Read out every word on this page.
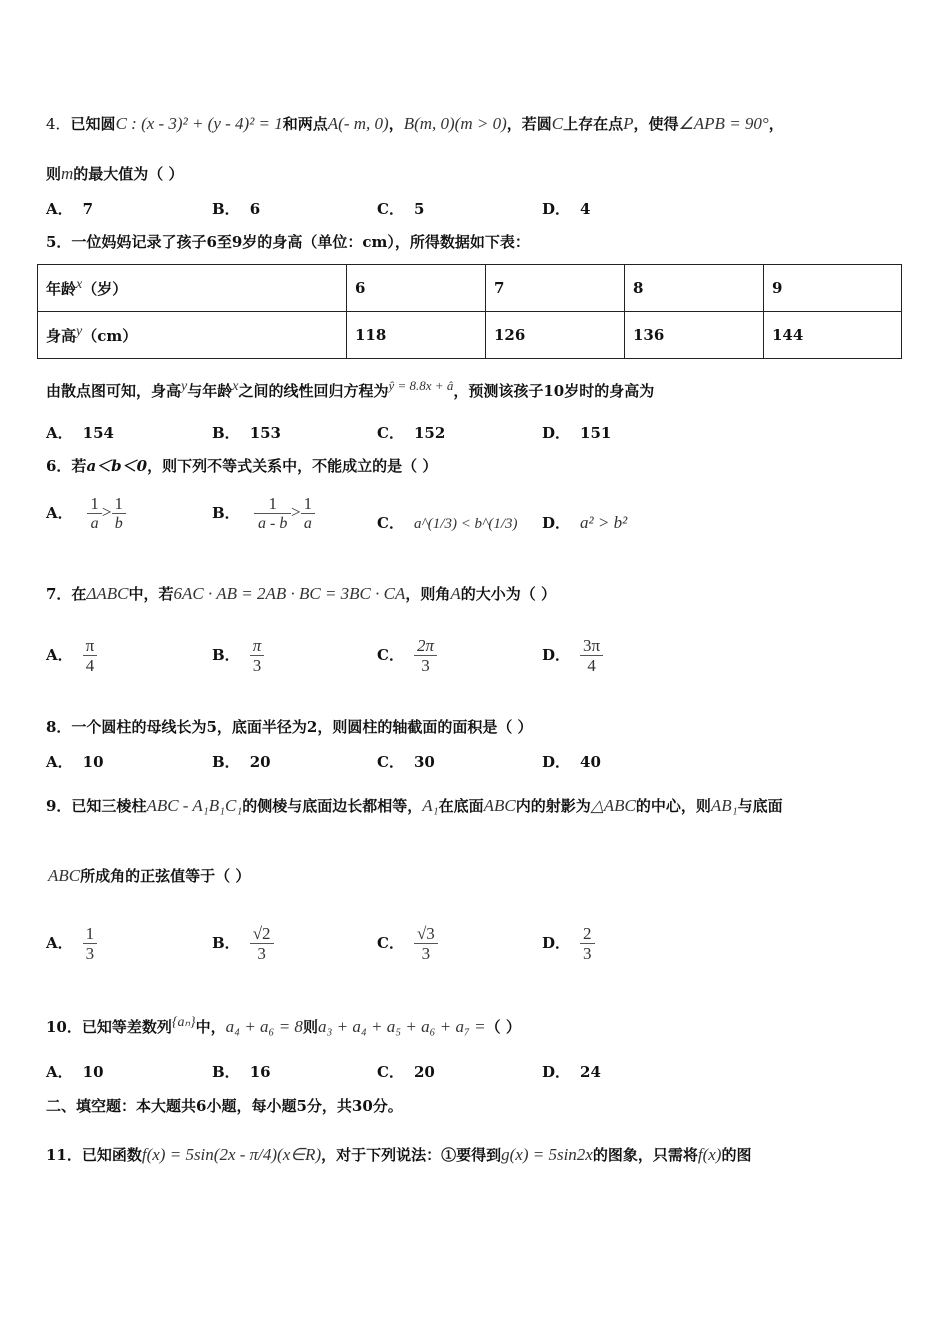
4．已知圆C : (x - 3)² + (y - 4)² = 1和两点A(- m, 0)，B(m, 0)(m > 0)，若圆C上存在点P，使得∠APB = 90°，
则m的最大值为（ ）
A． 7	B． 6	C． 5	D． 4
5．一位妈妈记录了孩子6至9岁的身高（单位：cm），所得数据如下表：
年龄x（岁）	6	7	8	9
身高y（cm）	118	126	136	144
由散点图可知，身高y与年龄x之间的线性回归方程为ŷ = 8.8x + â，预测该孩子10岁时的身高为
A． 154	B． 153	C． 152	D． 151
6．若a＜b＜0，则下列不等式关系中，不能成立的是（ ）
A． $\frac{1}{a} > \frac{1}{b}$	B． $\frac{1}{a - b} > \frac{1}{a}$	C． a^(1/3) < b^(1/3) D． a² > b²
7．在ΔABC中，若6AC · AB = 2AB · BC = 3BC · CA，则角A的大小为（ ）
A． $\frac{\pi}{4}$	B． $\frac{\pi}{3}$	C． $\frac{2\pi}{3}$	D． $\frac{3\pi}{4}$
8．一个圆柱的母线长为5，底面半径为2，则圆柱的轴截面的面积是（ ）
A． 10	B． 20	C． 30	D． 40
9．已知三棱柱ABC - A₁B₁C₁的侧棱与底面边长都相等，A₁在底面ABC内的射影为△ABC的中心，则AB₁与底面
ABC所成角的正弦值等于（ ）
A． $\frac{1}{3}$	B． $\frac{√2}{3}$	C． $\frac{√3}{3}$	D． $\frac{2}{3}$
10．已知等差数列{aₙ}中，a₄ + a₆ = 8则a₃ + a₄ + a₅ + a₆ + a₇ =（ ）
A． 10	B． 16	C． 20	D． 24
二、填空题：本大题共6小题，每小题5分，共30分。
11．已知函数f(x) = 5sin(2x - π/4)(x∈R)，对于下列说法：①要得到g(x) = 5sin2x的图象，只需将f(x)的图
